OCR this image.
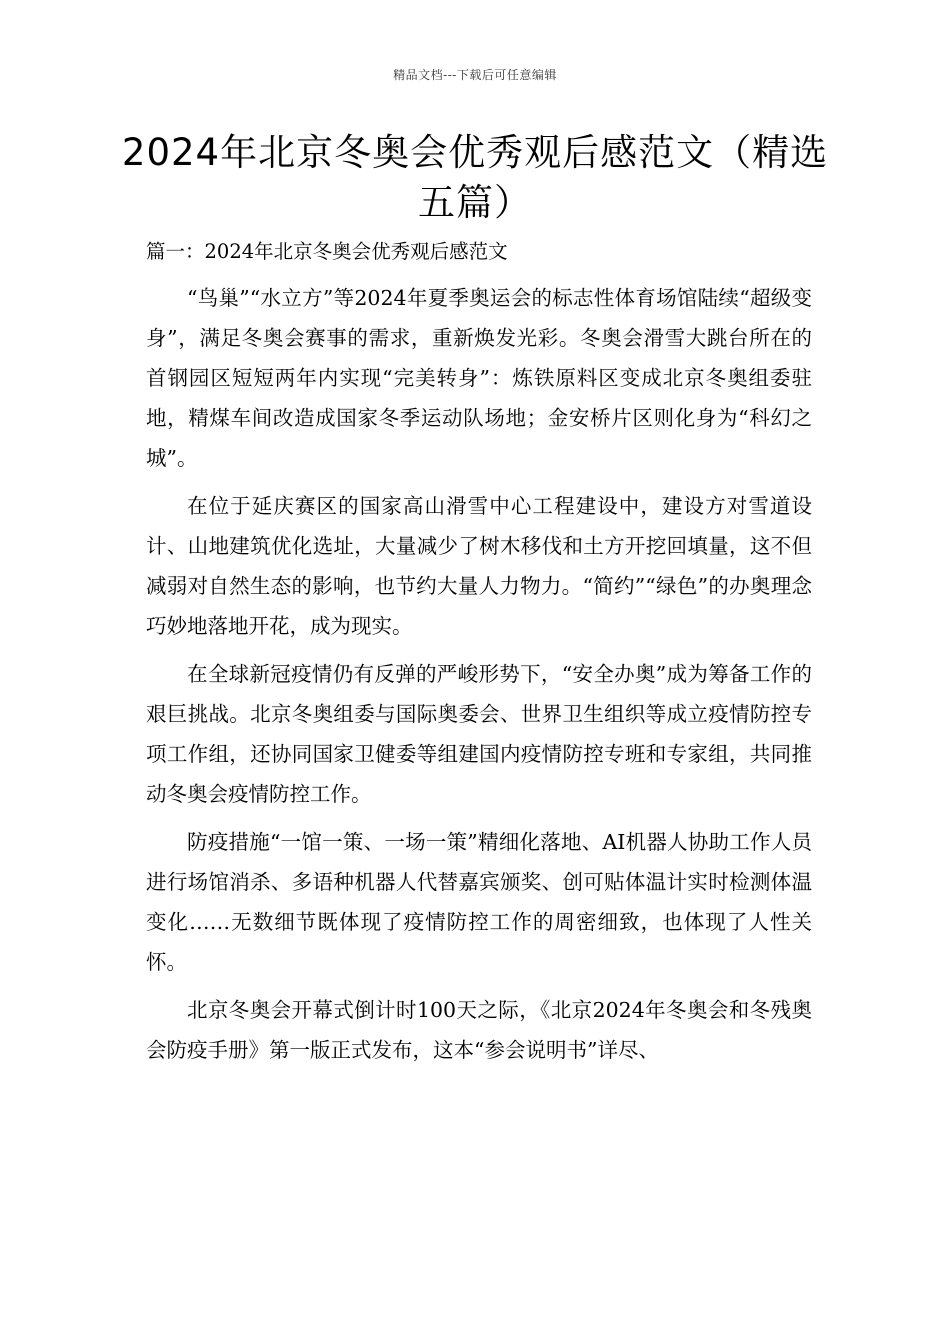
精品文档---下载后可任意编辑
2024年北京冬奥会优秀观后感范文（精选五篇）
篇一：2024年北京冬奥会优秀观后感范文

“鸟巢”“水立方”等2024年夏季奥运会的标志性体育场馆陆续“超级变身”，满足冬奥会赛事的需求，重新焕发光彩。冬奥会滑雪大跳台所在的首钢园区短短两年内实现“完美转身”：炼铁原料区变成北京冬奥组委驻地，精煤车间改造成国家冬季运动队场地；金安桥片区则化身为“科幻之城”。

在位于延庆赛区的国家高山滑雪中心工程建设中，建设方对雪道设计、山地建筑优化选址，大量减少了树木移伐和土方开挖回填量，这不但减弱对自然生态的影响，也节约大量人力物力。“简约”“绿色”的办奥理念巧妙地落地开花，成为现实。

在全球新冠疫情仍有反弹的严峻形势下，“安全办奥”成为筹备工作的艰巨挑战。北京冬奥组委与国际奥委会、世界卫生组织等成立疫情防控专项工作组，还协同国家卫健委等组建国内疫情防控专班和专家组，共同推动冬奥会疫情防控工作。

防疫措施“一馆一策、一场一策”精细化落地、AI机器人协助工作人员进行场馆消杀、多语种机器人代替嘉宾颁奖、创可贴体温计实时检测体温变化……无数细节既体现了疫情防控工作的周密细致，也体现了人性关怀。

北京冬奥会开幕式倒计时100天之际，《北京2024年冬奥会和冬残奥会防疫手册》第一版正式发布，这本“参会说明书”详尽、
